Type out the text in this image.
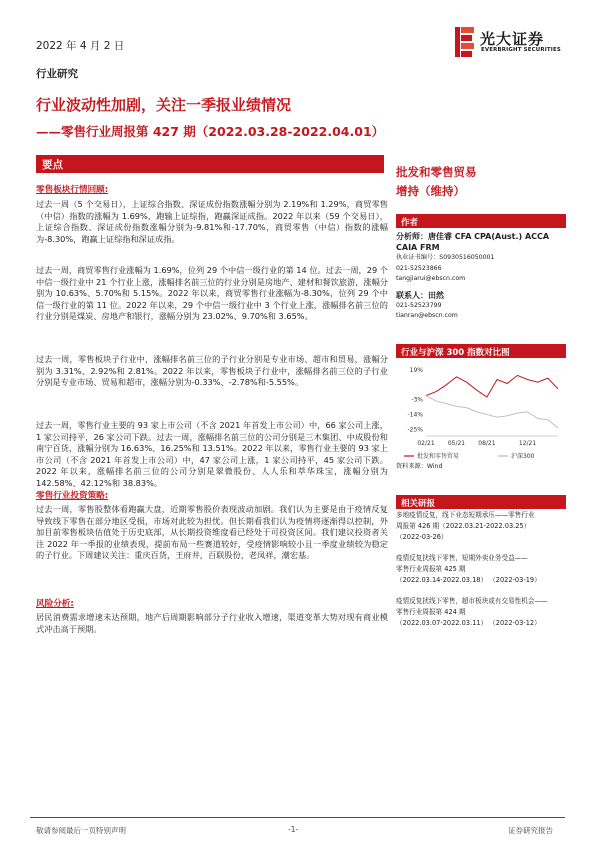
2022 年 4 月 2 日	光大证券
EVERBRIGHT SECURITIES
行业研究
行业波动性加剧，关注一季报业绩情况
——零售行业周报第 427 期（2022.03.28-2022.04.01）
要点
零售板块行情回顾:
过去一周（5 个交易日），上证综合指数、深证成份指数涨幅分别为 2.19%和 1.29%，商贸零售（中信）指数的涨幅为 1.69%，跑输上证综指，跑赢深证成指。2022 年以来（59 个交易日），上证综合指数、深证成份指数涨幅分别为-9.81%和-17.70%，商贸零售（中信）指数的涨幅为-8.30%，跑赢上证综指和深证成指。
过去一周，商贸零售行业涨幅为 1.69%，位列 29 个中信一级行业的第 14 位。过去一周，29 个中信一级行业中 21 个行业上涨，涨幅排名前三位的行业分别是房地产、建材和餐饮旅游，涨幅分别为 10.63%、5.70%和 5.15%。2022 年以来，商贸零售行业涨幅为-8.30%，位列 29 个中信一级行业的第 11 位。2022 年以来，29 个中信一级行业中 3 个行业上涨，涨幅排名前三位的行业分别是煤炭、房地产和银行，涨幅分别为 23.02%、9.70%和 3.65%。
过去一周，零售板块子行业中，涨幅排名前三位的子行业分别是专业市场、超市和贸易，涨幅分别为 3.31%、2.92%和 2.81%。2022 年以来，零售板块子行业中，涨幅排名前三位的子行业分别是专业市场、贸易和超市，涨幅分别为-0.33%、-2.78%和-5.55%。
过去一周，零售行业主要的 93 家上市公司（不含 2021 年首发上市公司）中，66 家公司上涨，1 家公司持平，26 家公司下跌。过去一周，涨幅排名前三位的公司分别是三木集团、中成股份和南宁百货，涨幅分别为 16.63%、16.25%和 13.51%。2022 年以来，零售行业主要的 93 家上市公司（不含 2021 年首发上市公司）中，47 家公司上涨，1 家公司持平，45 家公司下跌。2022 年以来，涨幅排名前三位的公司分别是翠微股份、人人乐和萃华珠宝，涨幅分别为 142.58%、42.12%和 38.83%。
零售行业投资策略:
过去一周，零售股整体看跑赢大盘，近期零售股价表现波动加剧。我们认为主要是由于疫情反复导致线下零售在部分地区受损，市场对此较为担忧。但长期看我们认为疫情将逐渐得以控制，外加目前零售板块估值处于历史底部，从长期投资维度看已经处于可投资区间。我们建议投资者关注 2022 年一季报的业绩表现，提前布局一些赛道较好，受疫情影响较小且一季度业绩较为稳定的子行业。下周建议关注：重庆百货，王府井，百联股份，老凤祥，潮宏基。
风险分析:
居民消费需求增速未达预期，地产后周期影响部分子行业收入增速，渠道变革大势对现有商业模式冲击高于预期。
批发和零售贸易
增持（维持）
作者
分析师：唐佳睿 CFA CPA(Aust.) ACCA
CAIA FRM
执业证书编号：S0930516050001
021-52523866
tangjiarui@ebscn.com
联系人：田然
021-52523799
tianran@ebscn.com
行业与沪深 300 指数对比图
19%
-3%
-14%
-25%
02/21 05/21 08/21	12/21
批发和零售贸易	沪深300
资料来源：Wind
相关研报
多地疫情反复，线下业态短期承压——零售行业
周报第 426 期（2022.03.21-2022.03.25）
（2022-03-26）
疫情反复扰线下零售，短期外卖业务受益——
零售行业周报第 425 期
（2022.03.14-2022.03.18） （2022-03-19）
疫情反复扰线下零售，超市板块或有交易性机会——
零售行业周报第 424 期
（2022.03.07-2022.03.11） （2022-03-12）
敬请参阅最后一页特别声明	-1-	证券研究报告
